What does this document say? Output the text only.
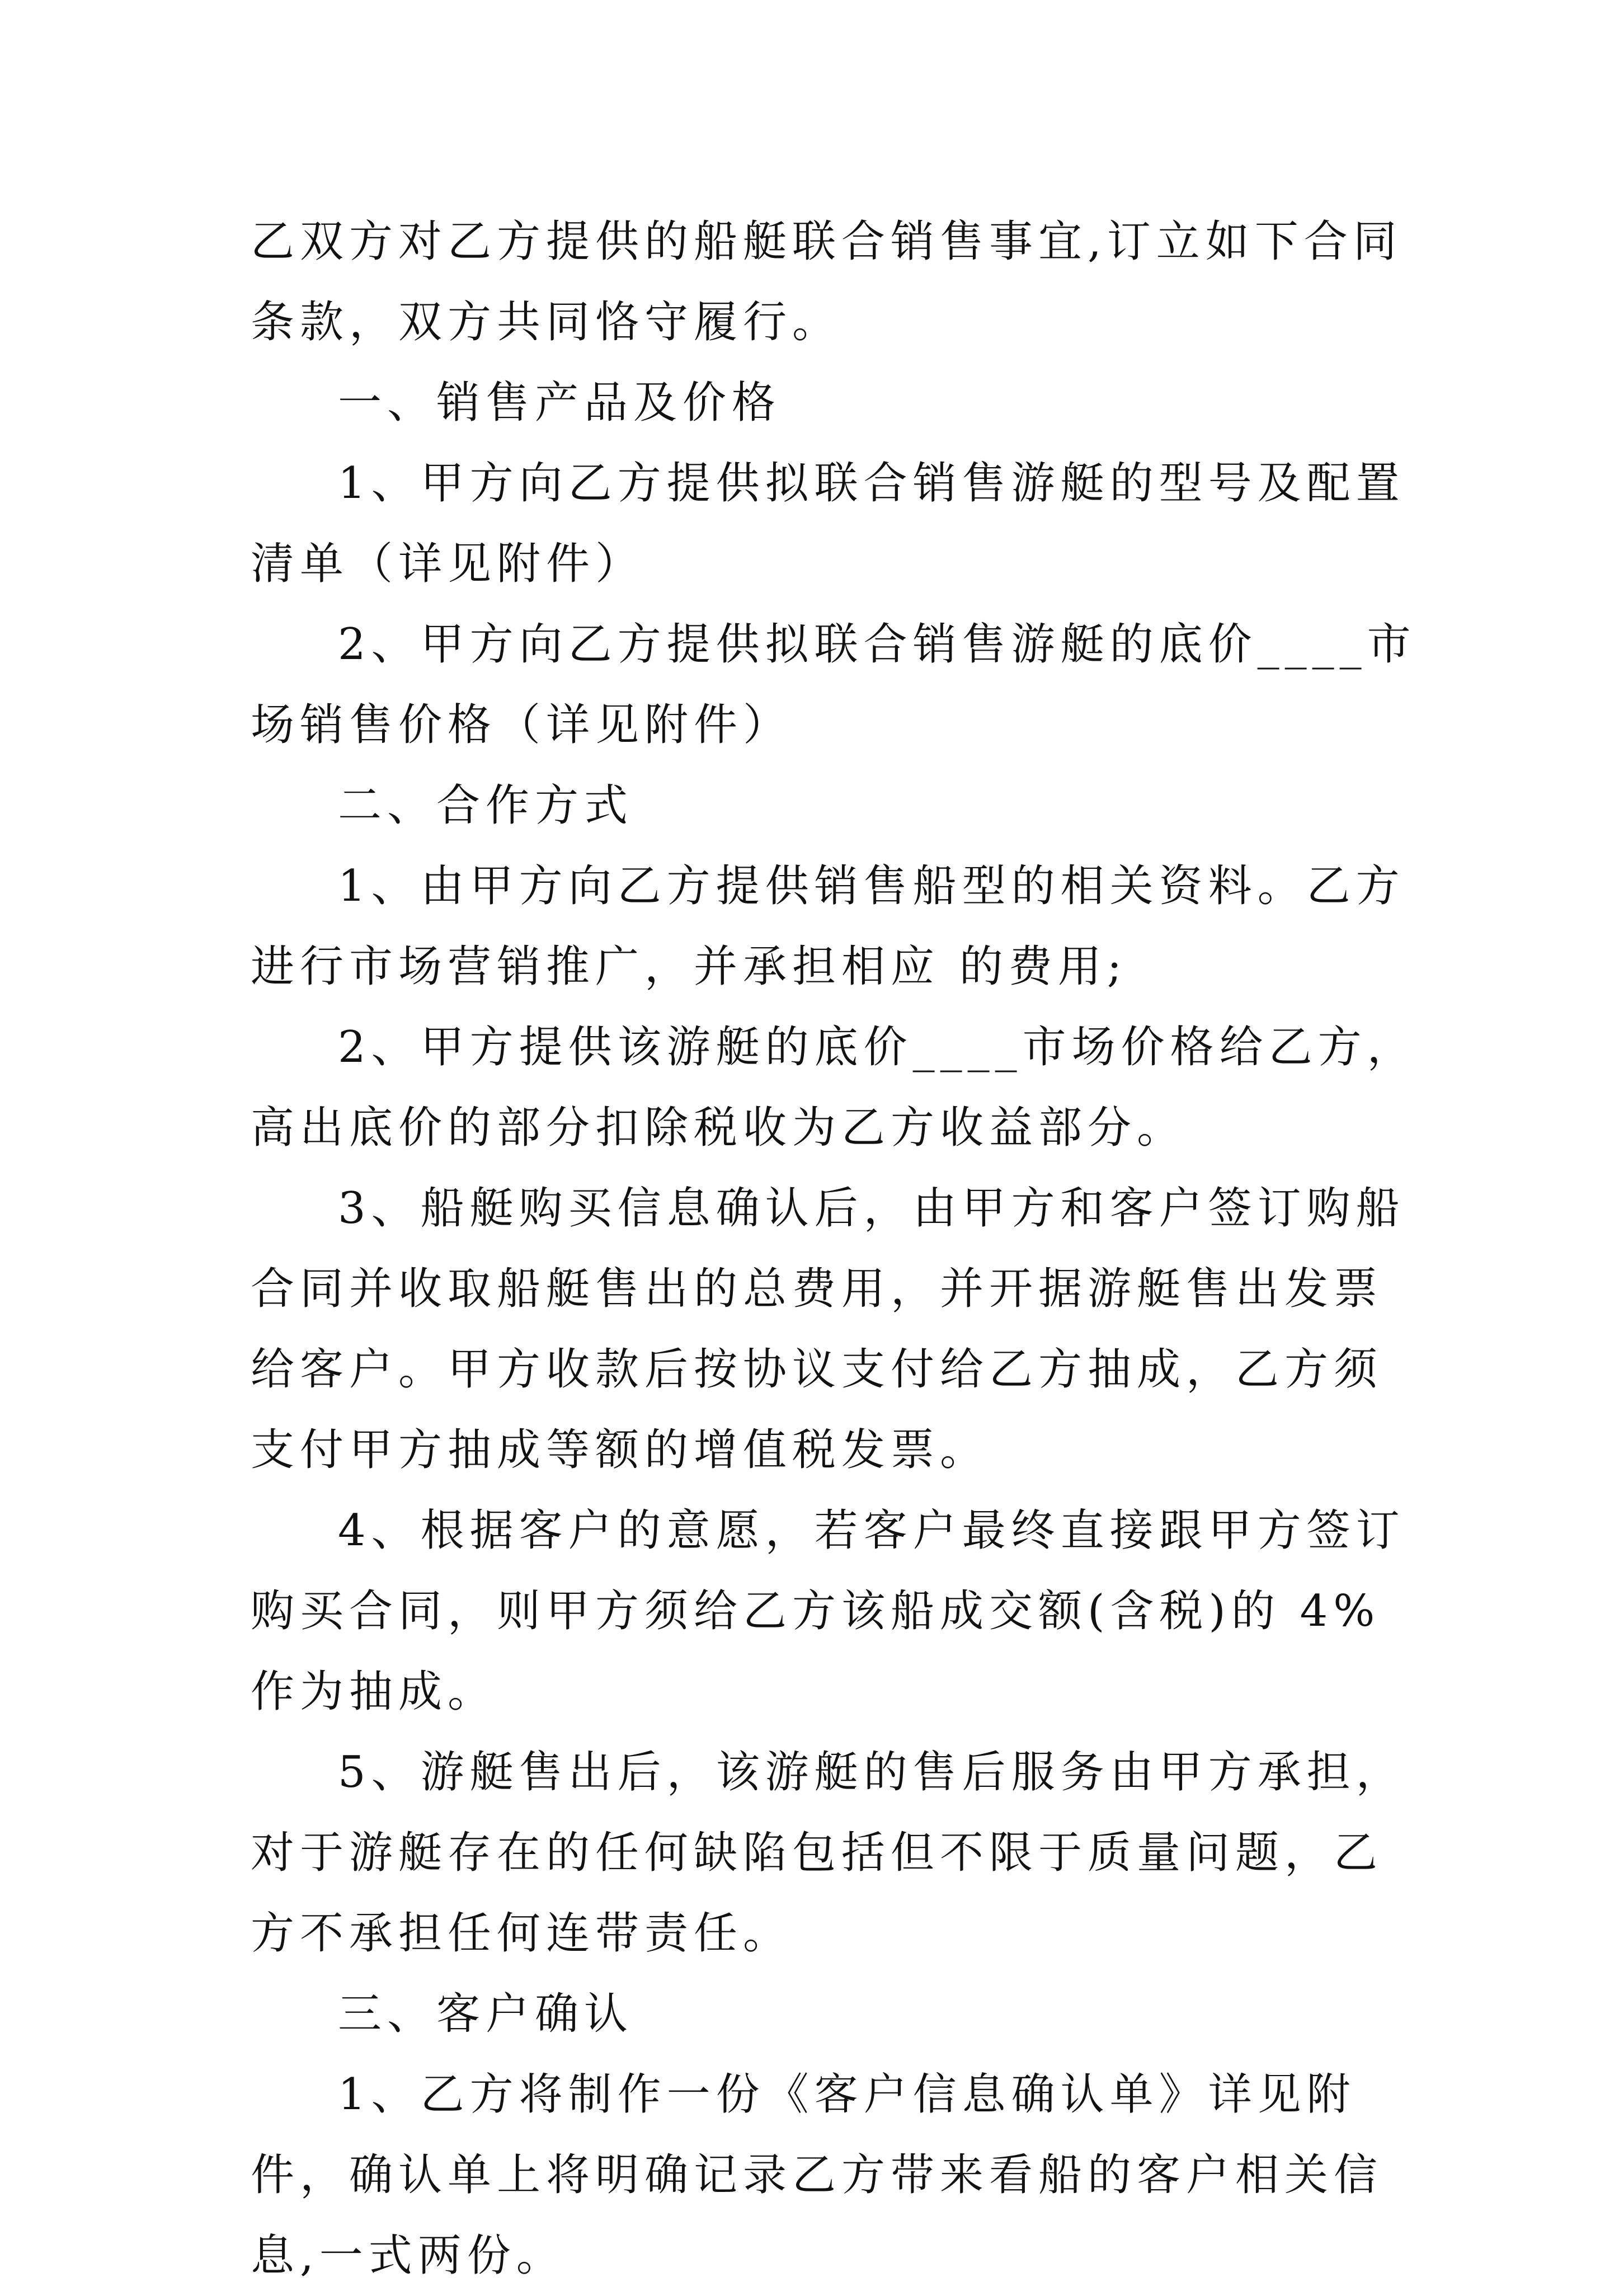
乙双方对乙方提供的船艇联合销售事宜,订立如下合同条款，双方共同恪守履行。

一、销售产品及价格

1、甲方向乙方提供拟联合销售游艇的型号及配置清单（详见附件）

2、甲方向乙方提供拟联合销售游艇的底价____市场销售价格（详见附件）

二、合作方式

1、由甲方向乙方提供销售船型的相关资料。乙方进行市场营销推广，并承担相应 的费用;

2、甲方提供该游艇的底价____市场价格给乙方，高出底价的部分扣除税收为乙方收益部分。

3、船艇购买信息确认后，由甲方和客户签订购船合同并收取船艇售出的总费用，并开据游艇售出发票给客户。甲方收款后按协议支付给乙方抽成，乙方须支付甲方抽成等额的增值税发票。

4、根据客户的意愿，若客户最终直接跟甲方签订购买合同，则甲方须给乙方该船成交额(含税)的 4%作为抽成。

5、游艇售出后，该游艇的售后服务由甲方承担，对于游艇存在的任何缺陷包括但不限于质量问题，乙方不承担任何连带责任。

三、客户确认

1、乙方将制作一份《客户信息确认单》详见附件，确认单上将明确记录乙方带来看船的客户相关信息,一式两份。
